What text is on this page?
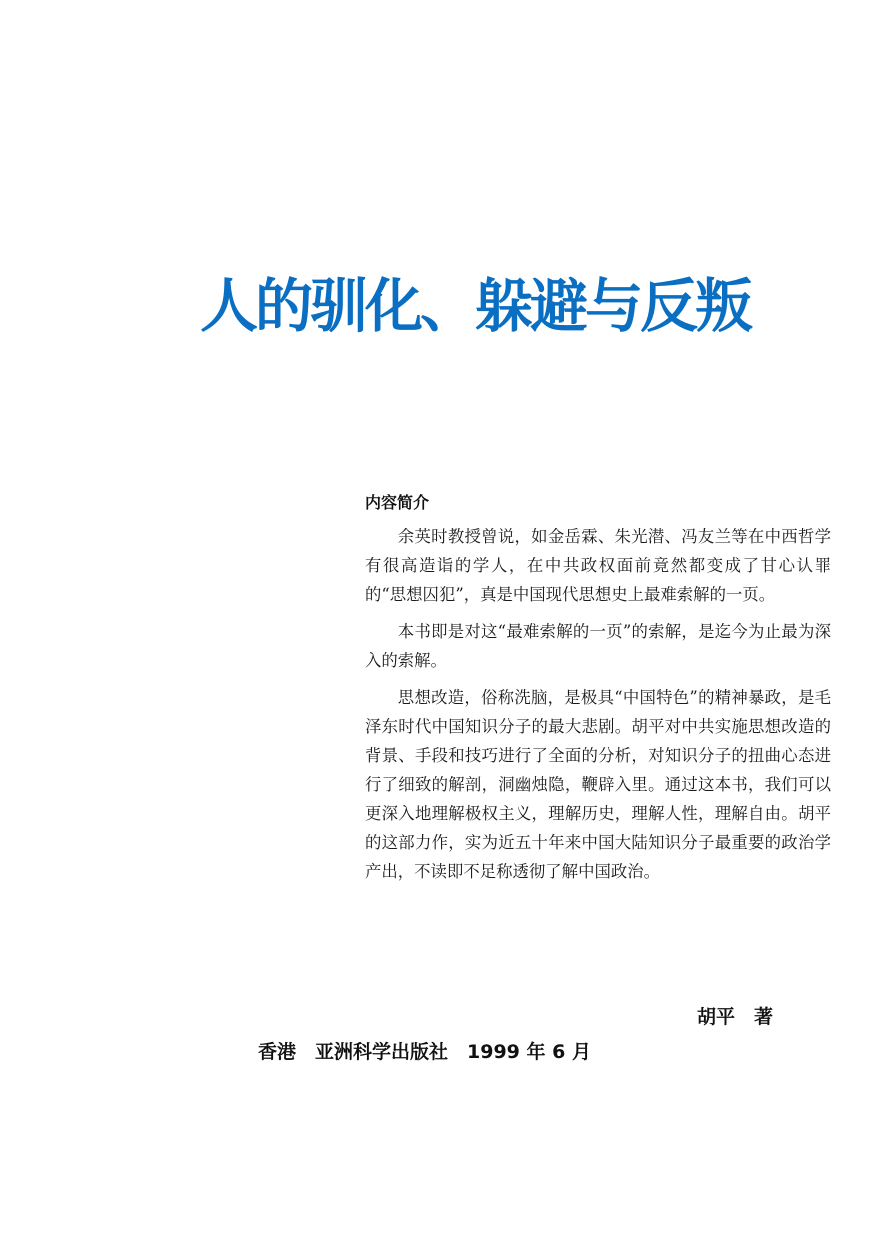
人的驯化、躲避与反叛
内容简介

余英时教授曾说，如金岳霖、朱光潜、冯友兰等在中西哲学有很高造诣的学人，在中共政权面前竟然都变成了甘心认罪的“思想囚犯”，真是中国现代思想史上最难索解的一页。

本书即是对这“最难索解的一页”的索解，是迄今为止最为深入的索解。

思想改造，俗称洗脑，是极具“中国特色”的精神暴政，是毛泽东时代中国知识分子的最大悲剧。胡平对中共实施思想改造的背景、手段和技巧进行了全面的分析，对知识分子的扭曲心态进行了细致的解剖，洞幽烛隐，鞭辟入里。通过这本书，我们可以更深入地理解极权主义，理解历史，理解人性，理解自由。胡平的这部力作，实为近五十年来中国大陆知识分子最重要的政治学产出，不读即不足称透彻了解中国政治。

胡平　著

香港　亚洲科学出版社　1999 年 6 月
